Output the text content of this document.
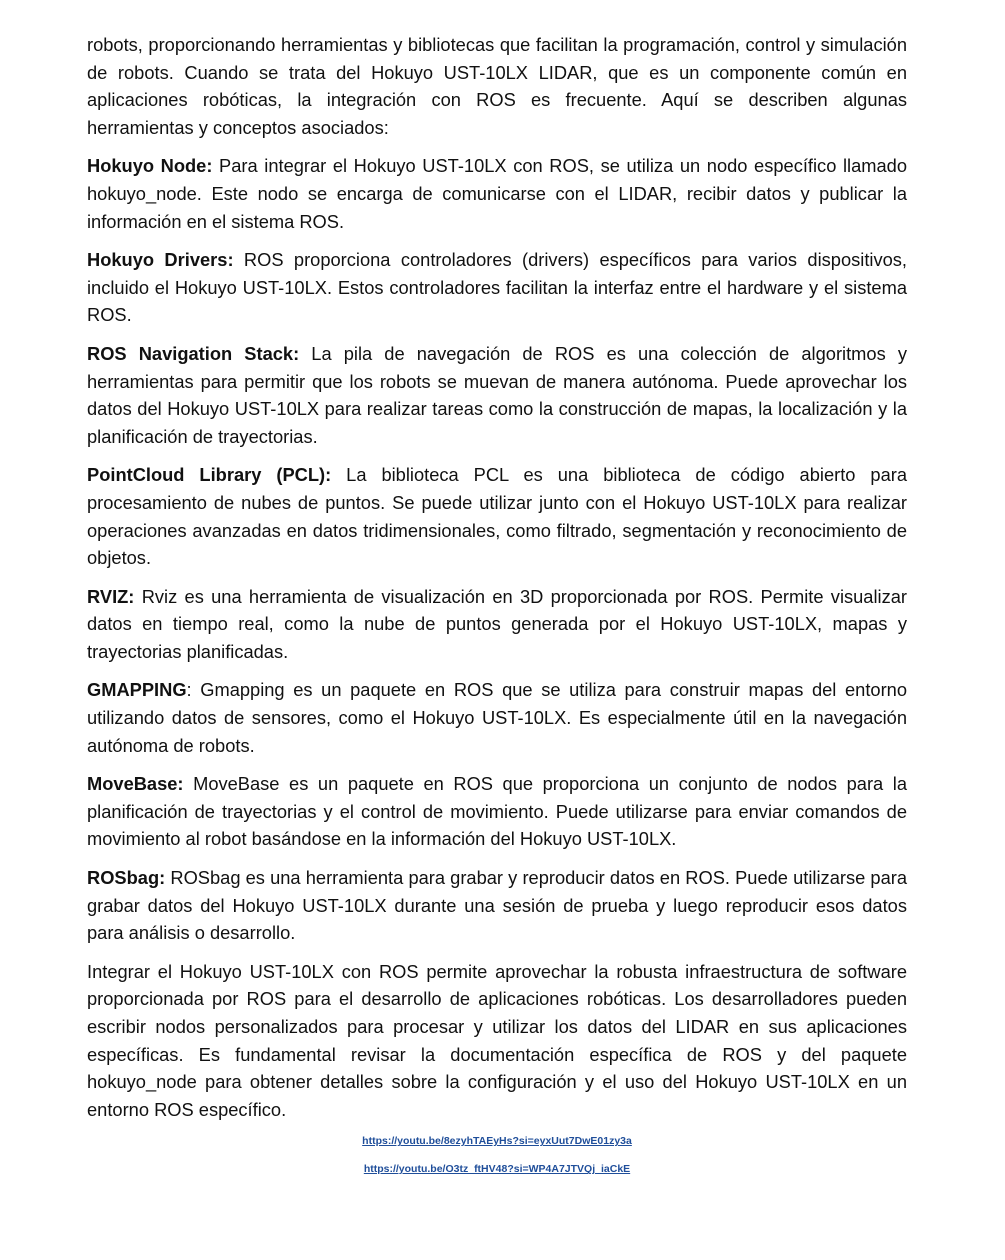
robots, proporcionando herramientas y bibliotecas que facilitan la programación, control y simulación de robots. Cuando se trata del Hokuyo UST-10LX LIDAR, que es un componente común en aplicaciones robóticas, la integración con ROS es frecuente. Aquí se describen algunas herramientas y conceptos asociados:

Hokuyo Node: Para integrar el Hokuyo UST-10LX con ROS, se utiliza un nodo específico llamado hokuyo_node. Este nodo se encarga de comunicarse con el LIDAR, recibir datos y publicar la información en el sistema ROS.

Hokuyo Drivers: ROS proporciona controladores (drivers) específicos para varios dispositivos, incluido el Hokuyo UST-10LX. Estos controladores facilitan la interfaz entre el hardware y el sistema ROS.

ROS Navigation Stack: La pila de navegación de ROS es una colección de algoritmos y herramientas para permitir que los robots se muevan de manera autónoma. Puede aprovechar los datos del Hokuyo UST-10LX para realizar tareas como la construcción de mapas, la localización y la planificación de trayectorias.

PointCloud Library (PCL): La biblioteca PCL es una biblioteca de código abierto para procesamiento de nubes de puntos. Se puede utilizar junto con el Hokuyo UST-10LX para realizar operaciones avanzadas en datos tridimensionales, como filtrado, segmentación y reconocimiento de objetos.

RVIZ: Rviz es una herramienta de visualización en 3D proporcionada por ROS. Permite visualizar datos en tiempo real, como la nube de puntos generada por el Hokuyo UST-10LX, mapas y trayectorias planificadas.

GMAPPING: Gmapping es un paquete en ROS que se utiliza para construir mapas del entorno utilizando datos de sensores, como el Hokuyo UST-10LX. Es especialmente útil en la navegación autónoma de robots.

MoveBase: MoveBase es un paquete en ROS que proporciona un conjunto de nodos para la planificación de trayectorias y el control de movimiento. Puede utilizarse para enviar comandos de movimiento al robot basándose en la información del Hokuyo UST-10LX.

ROSbag: ROSbag es una herramienta para grabar y reproducir datos en ROS. Puede utilizarse para grabar datos del Hokuyo UST-10LX durante una sesión de prueba y luego reproducir esos datos para análisis o desarrollo.

Integrar el Hokuyo UST-10LX con ROS permite aprovechar la robusta infraestructura de software proporcionada por ROS para el desarrollo de aplicaciones robóticas. Los desarrolladores pueden escribir nodos personalizados para procesar y utilizar los datos del LIDAR en sus aplicaciones específicas. Es fundamental revisar la documentación específica de ROS y del paquete hokuyo_node para obtener detalles sobre la configuración y el uso del Hokuyo UST-10LX en un entorno ROS específico.

https://youtu.be/8ezyhTAEyHs?si=eyxUut7DwE01zy3a
https://youtu.be/O3tz_ftHV48?si=WP4A7JTVQj_iaCkE
